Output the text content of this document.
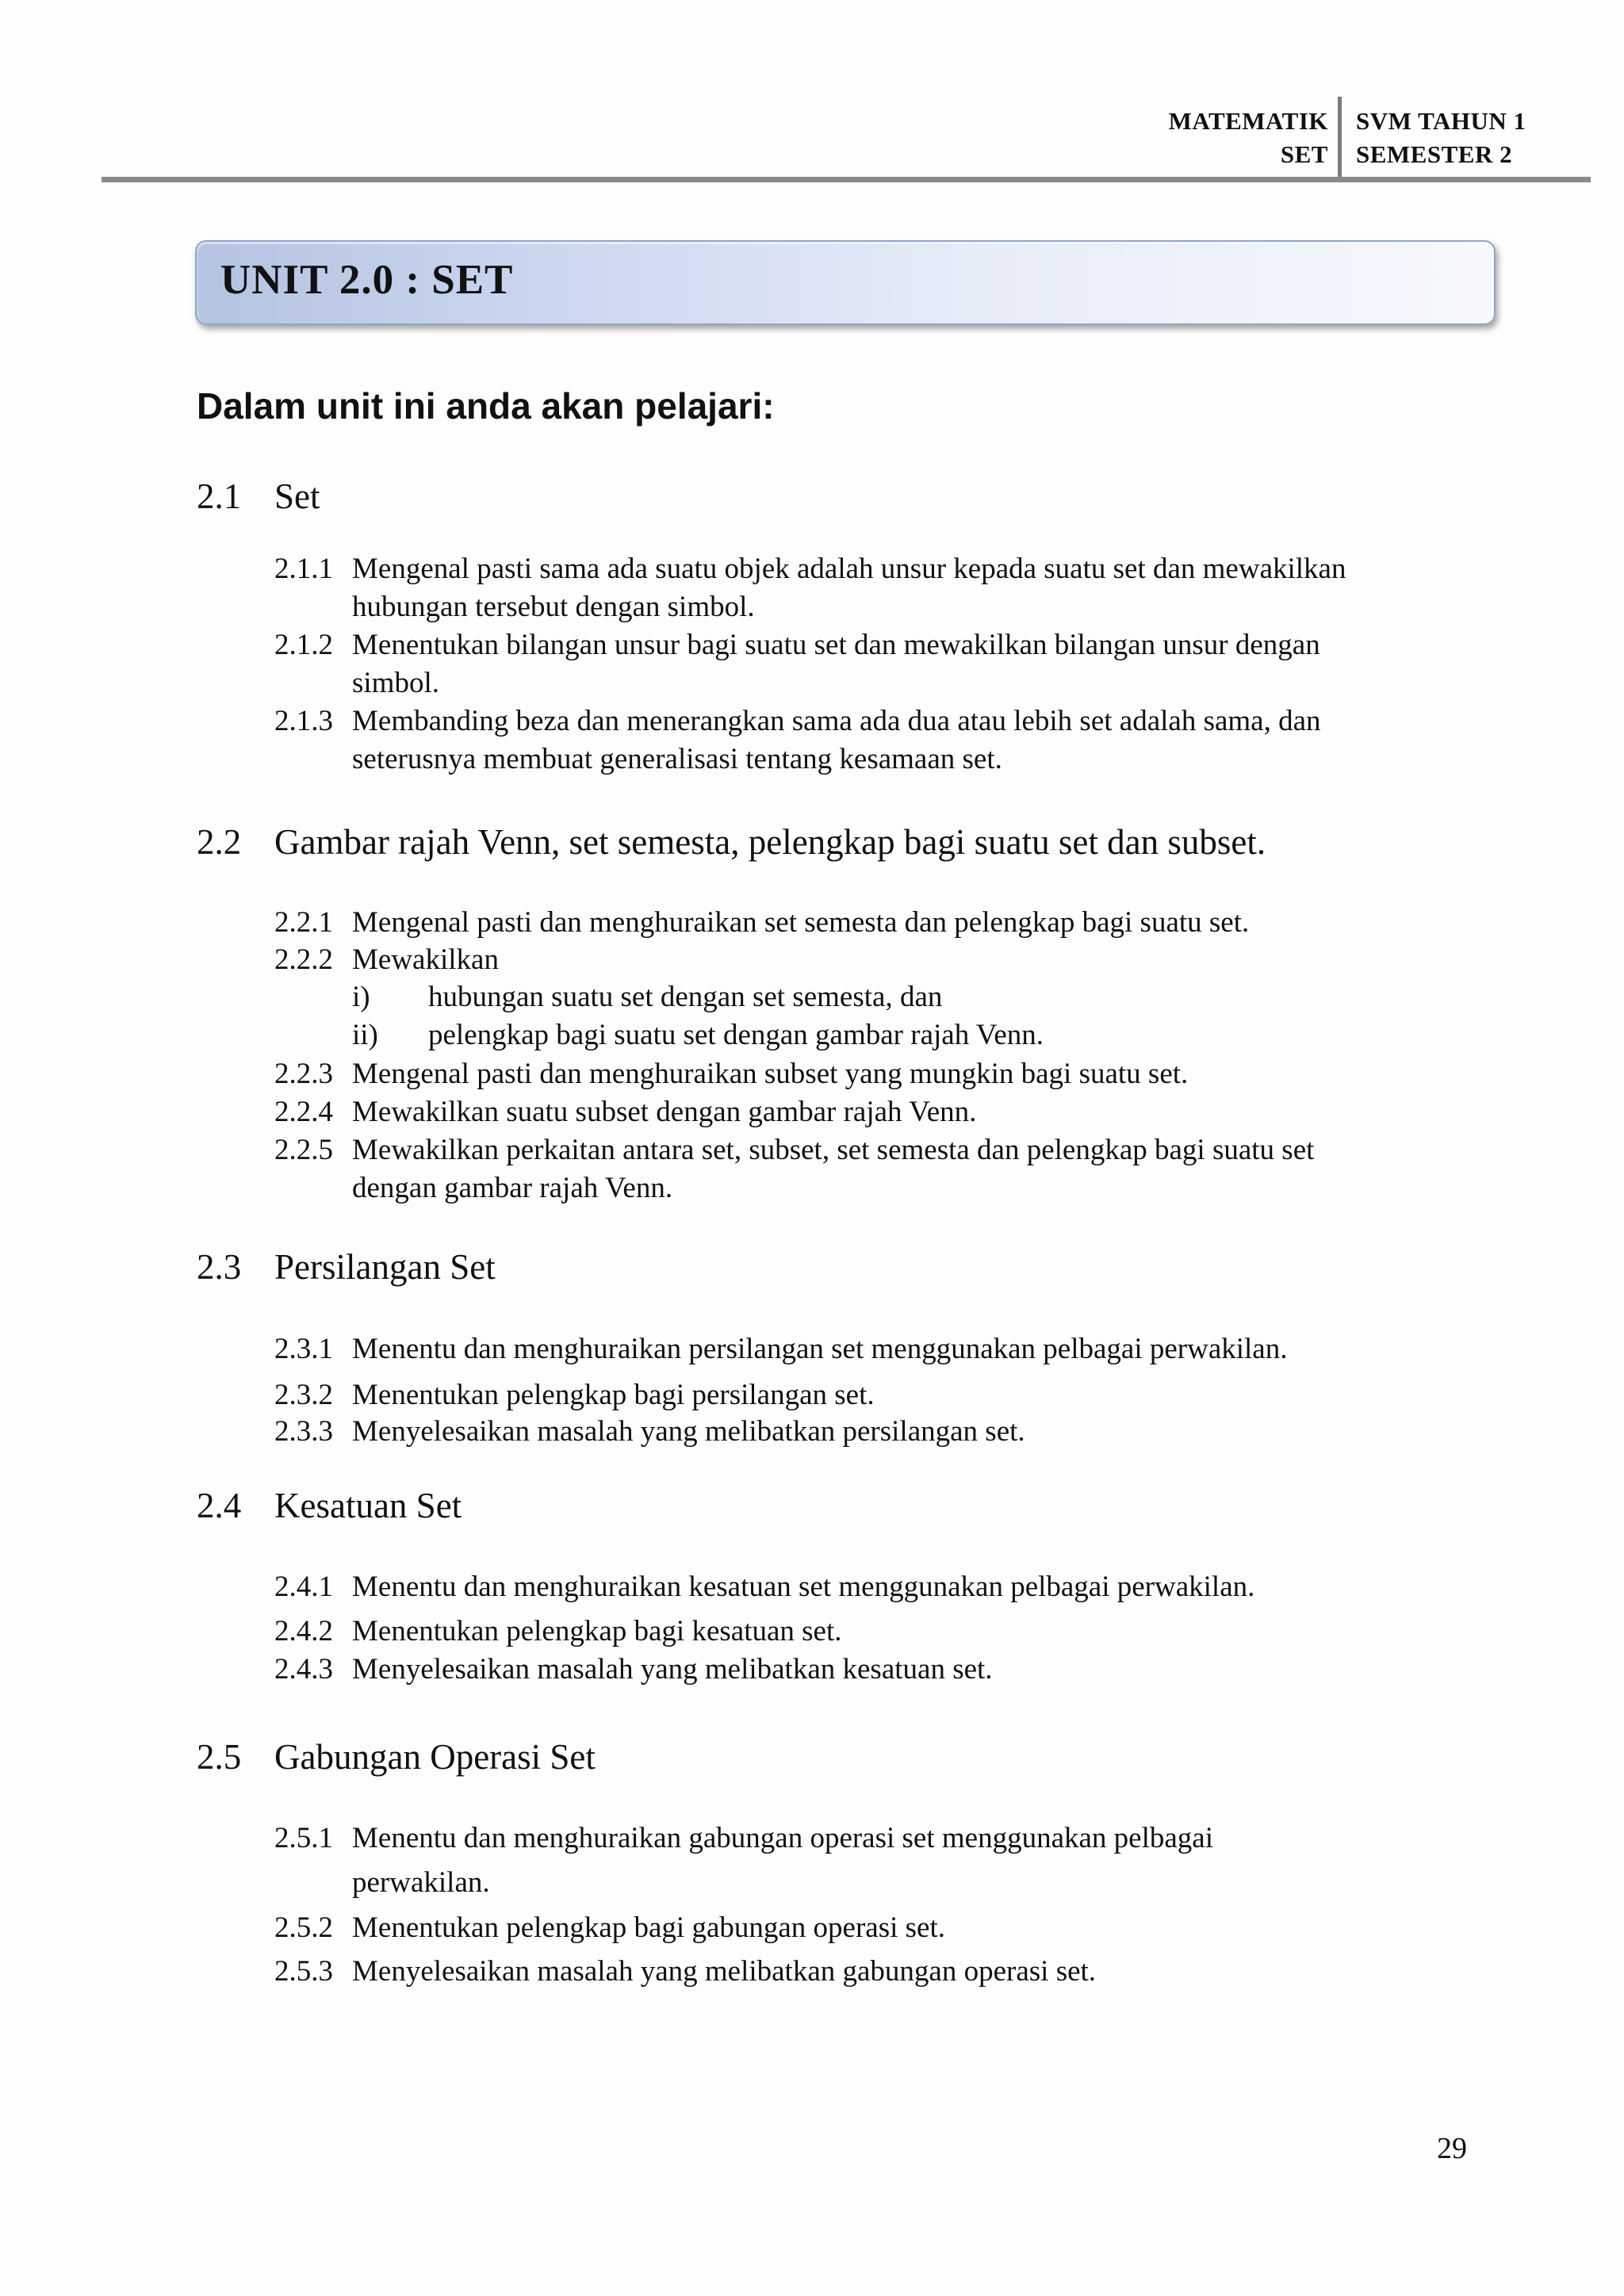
MATEMATIK
SET
SVM TAHUN 1
SEMESTER 2
UNIT 2.0 : SET
Dalam unit ini anda akan pelajari:
2.1 Set
2.1.1 Mengenal pasti sama ada suatu objek adalah unsur kepada suatu set dan mewakilkan
hubungan tersebut dengan simbol.
2.1.2 Menentukan bilangan unsur bagi suatu set dan mewakilkan bilangan unsur dengan
simbol.
2.1.3 Membanding beza dan menerangkan sama ada dua atau lebih set adalah sama, dan
seterusnya membuat generalisasi tentang kesamaan set.
2.2 Gambar rajah Venn, set semesta, pelengkap bagi suatu set dan subset.
2.2.1 Mengenal pasti dan menghuraikan set semesta dan pelengkap bagi suatu set.
2.2.2 Mewakilkan
i) hubungan suatu set dengan set semesta, dan
ii) pelengkap bagi suatu set dengan gambar rajah Venn.
2.2.3 Mengenal pasti dan menghuraikan subset yang mungkin bagi suatu set.
2.2.4 Mewakilkan suatu subset dengan gambar rajah Venn.
2.2.5 Mewakilkan perkaitan antara set, subset, set semesta dan pelengkap bagi suatu set
dengan gambar rajah Venn.
2.3 Persilangan Set
2.3.1 Menentu dan menghuraikan persilangan set menggunakan pelbagai perwakilan.
2.3.2 Menentukan pelengkap bagi persilangan set.
2.3.3 Menyelesaikan masalah yang melibatkan persilangan set.
2.4 Kesatuan Set
2.4.1 Menentu dan menghuraikan kesatuan set menggunakan pelbagai perwakilan.
2.4.2 Menentukan pelengkap bagi kesatuan set.
2.4.3 Menyelesaikan masalah yang melibatkan kesatuan set.
2.5 Gabungan Operasi Set
2.5.1 Menentu dan menghuraikan gabungan operasi set menggunakan pelbagai
perwakilan.
2.5.2 Menentukan pelengkap bagi gabungan operasi set.
2.5.3 Menyelesaikan masalah yang melibatkan gabungan operasi set.
29
